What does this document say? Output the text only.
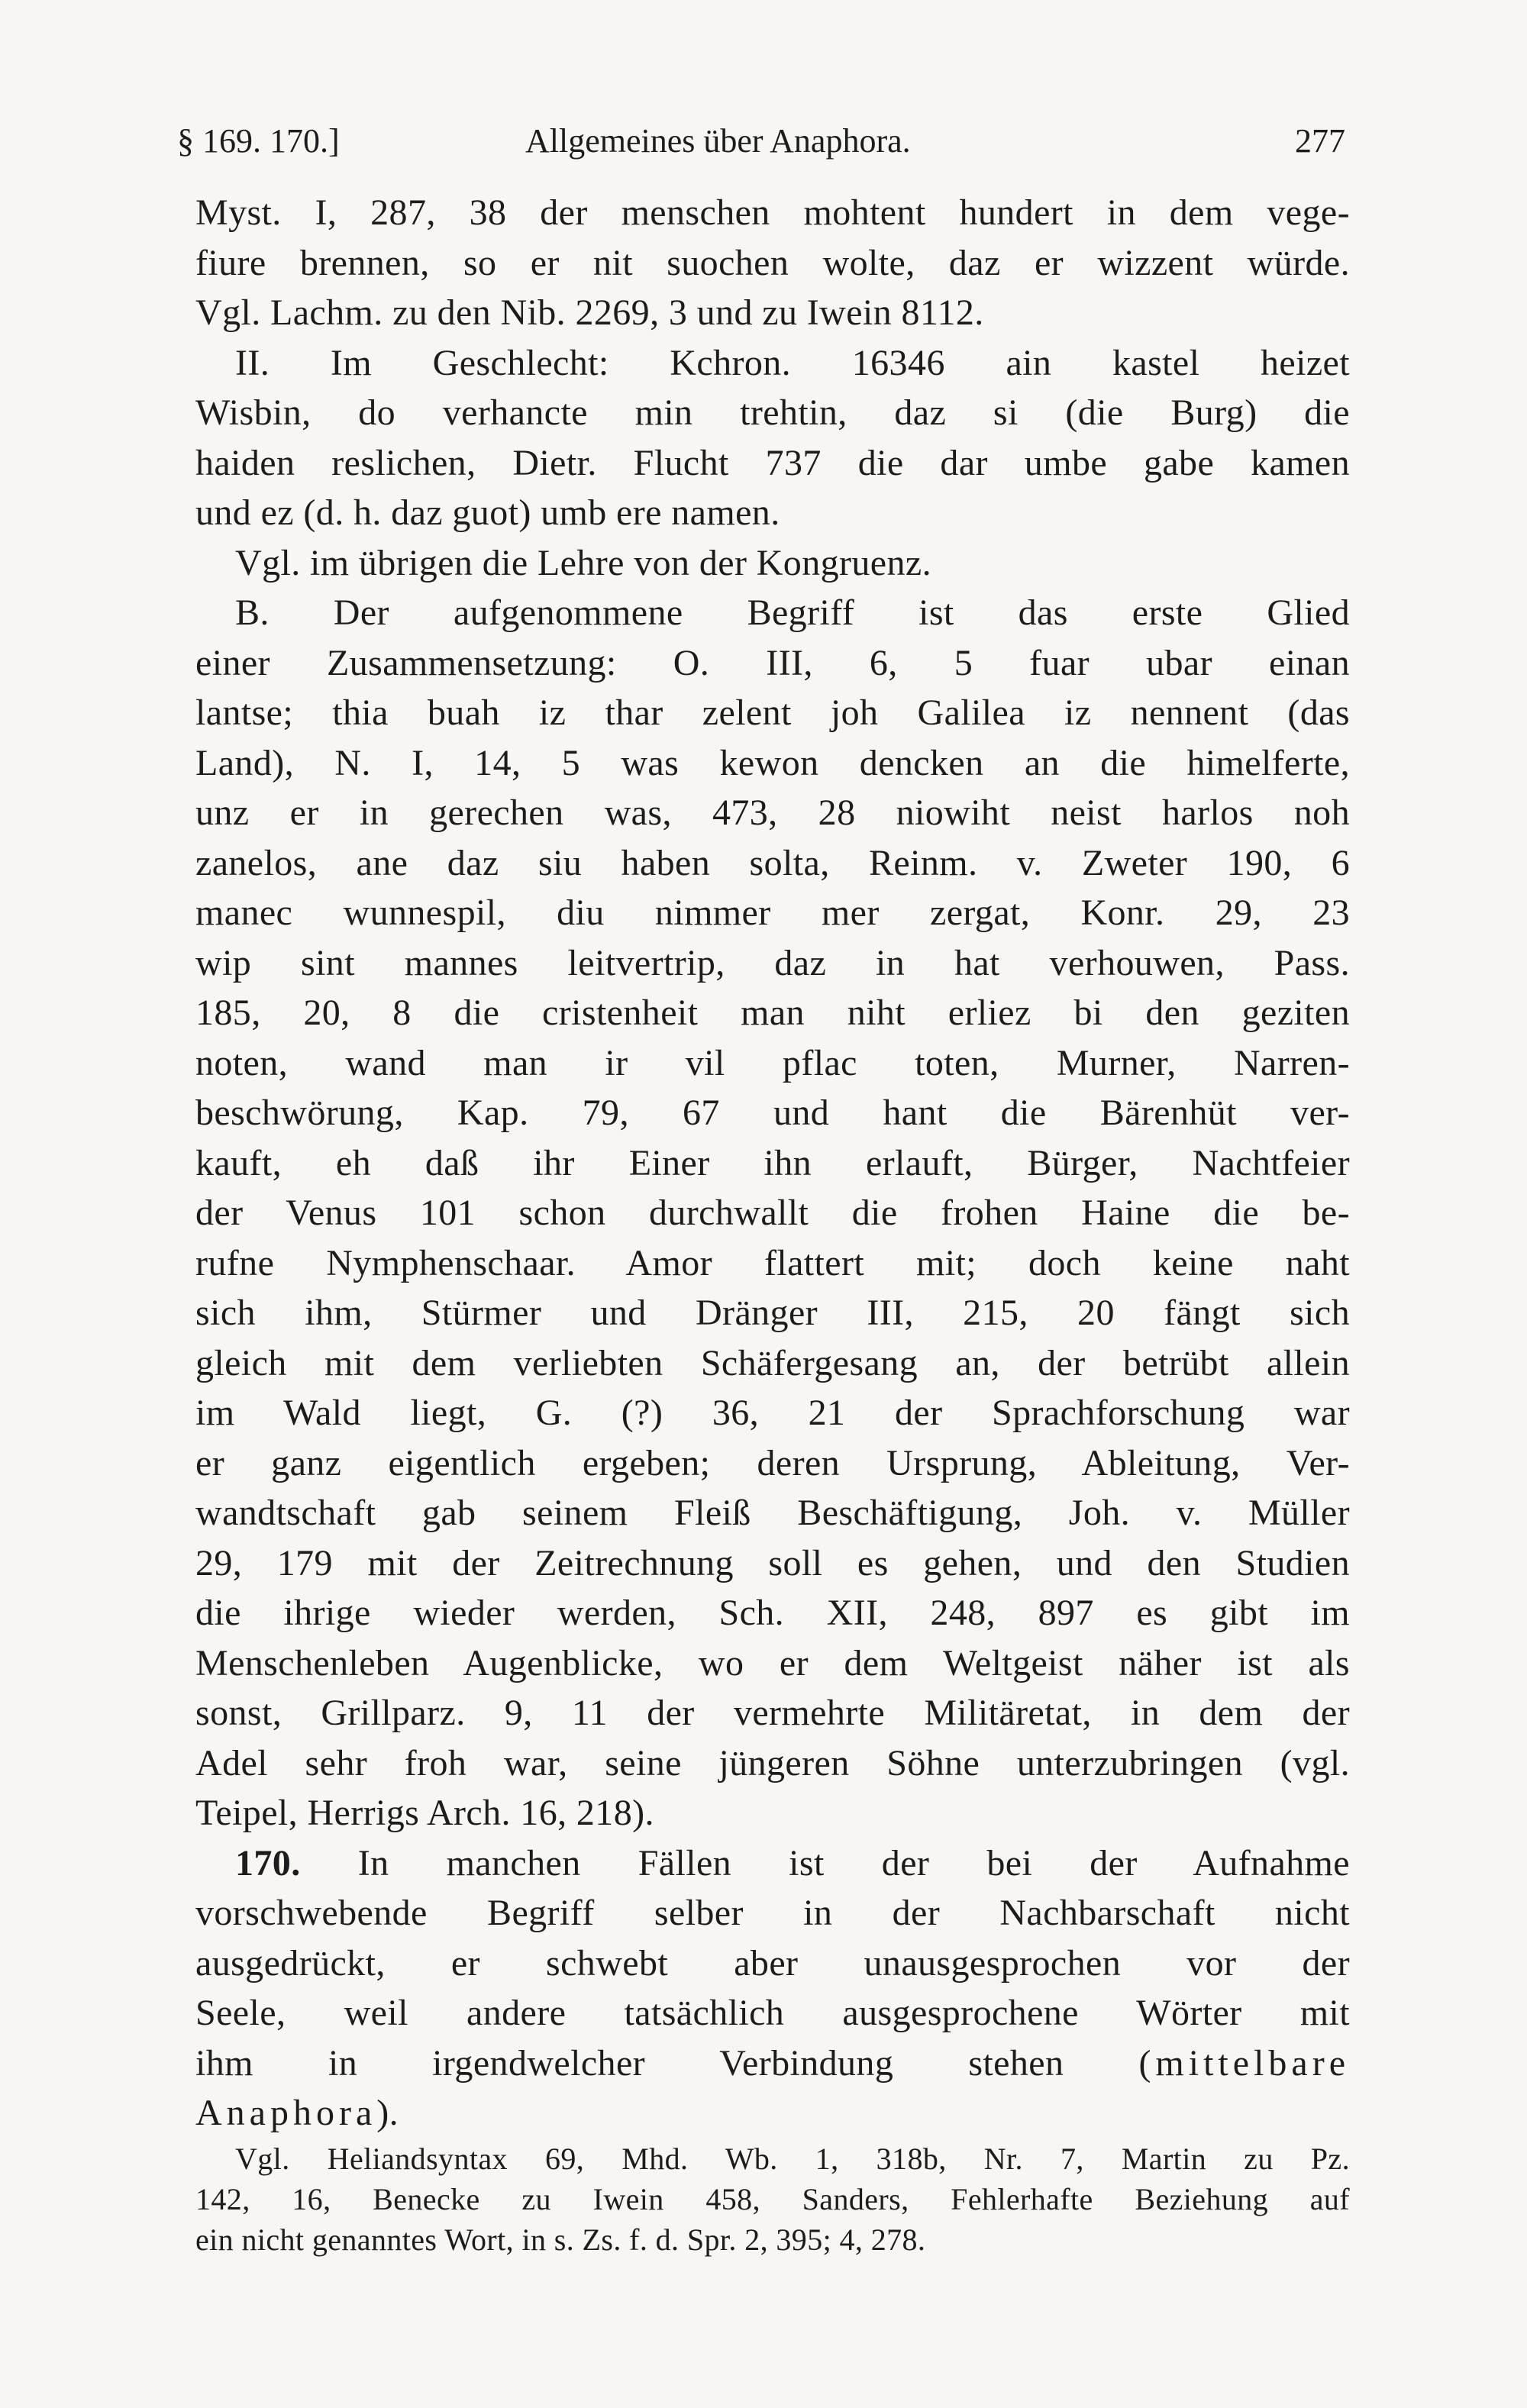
§ 169. 170.]	Allgemeines über Anaphora.	277
Myst. I, 287, 38 der menschen mohtent hundert in dem vege-
fiure brennen, so er nit suochen wolte, daz er wizzent würde.
Vgl. Lachm. zu den Nib. 2269, 3 und zu Iwein 8112.
II. Im Geschlecht: Kchron. 16346 ain kastel heizet
Wisbin, do verhancte min trehtin, daz si (die Burg) die
haiden reslichen, Dietr. Flucht 737 die dar umbe gabe kamen
und ez (d. h. daz guot) umb ere namen.
Vgl. im übrigen die Lehre von der Kongruenz.
B. Der aufgenommene Begriff ist das erste Glied
einer Zusammensetzung: O. III, 6, 5 fuar ubar einan
lantse; thia buah iz thar zelent joh Galilea iz nennent (das
Land), N. I, 14, 5 was kewon dencken an die himelferte,
unz er in gerechen was, 473, 28 niowiht neist harlos noh
zanelos, ane daz siu haben solta, Reinm. v. Zweter 190, 6
manec wunnespil, diu nimmer mer zergat, Konr. 29, 23
wip sint mannes leitvertrip, daz in hat verhouwen, Pass.
185, 20, 8 die cristenheit man niht erliez bi den geziten
noten, wand man ir vil pflac toten, Murner, Narren-
beschwörung, Kap. 79, 67 und hant die Bärenhüt ver-
kauft, eh daß ihr Einer ihn erlauft, Bürger, Nachtfeier
der Venus 101 schon durchwallt die frohen Haine die be-
rufne Nymphenschaar. Amor flattert mit; doch keine naht
sich ihm, Stürmer und Dränger III, 215, 20 fängt sich
gleich mit dem verliebten Schäfergesang an, der betrübt allein
im Wald liegt, G. (?) 36, 21 der Sprachforschung war
er ganz eigentlich ergeben; deren Ursprung, Ableitung, Ver-
wandtschaft gab seinem Fleiß Beschäftigung, Joh. v. Müller
29, 179 mit der Zeitrechnung soll es gehen, und den Studien
die ihrige wieder werden, Sch. XII, 248, 897 es gibt im
Menschenleben Augenblicke, wo er dem Weltgeist näher ist als
sonst, Grillparz. 9, 11 der vermehrte Militäretat, in dem der
Adel sehr froh war, seine jüngeren Söhne unterzubringen (vgl.
Teipel, Herrigs Arch. 16, 218).
170. In manchen Fällen ist der bei der Aufnahme
vorschwebende Begriff selber in der Nachbarschaft nicht
ausgedrückt, er schwebt aber unausgesprochen vor der
Seele, weil andere tatsächlich ausgesprochene Wörter mit
ihm in irgendwelcher Verbindung stehen (mittelbare
Anaphora).
Vgl. Heliandsyntax 69, Mhd. Wb. 1, 318b, Nr. 7, Martin zu Pz.
142, 16, Benecke zu Iwein 458, Sanders, Fehlerhafte Beziehung auf
ein nicht genanntes Wort, in s. Zs. f. d. Spr. 2, 395; 4, 278.
